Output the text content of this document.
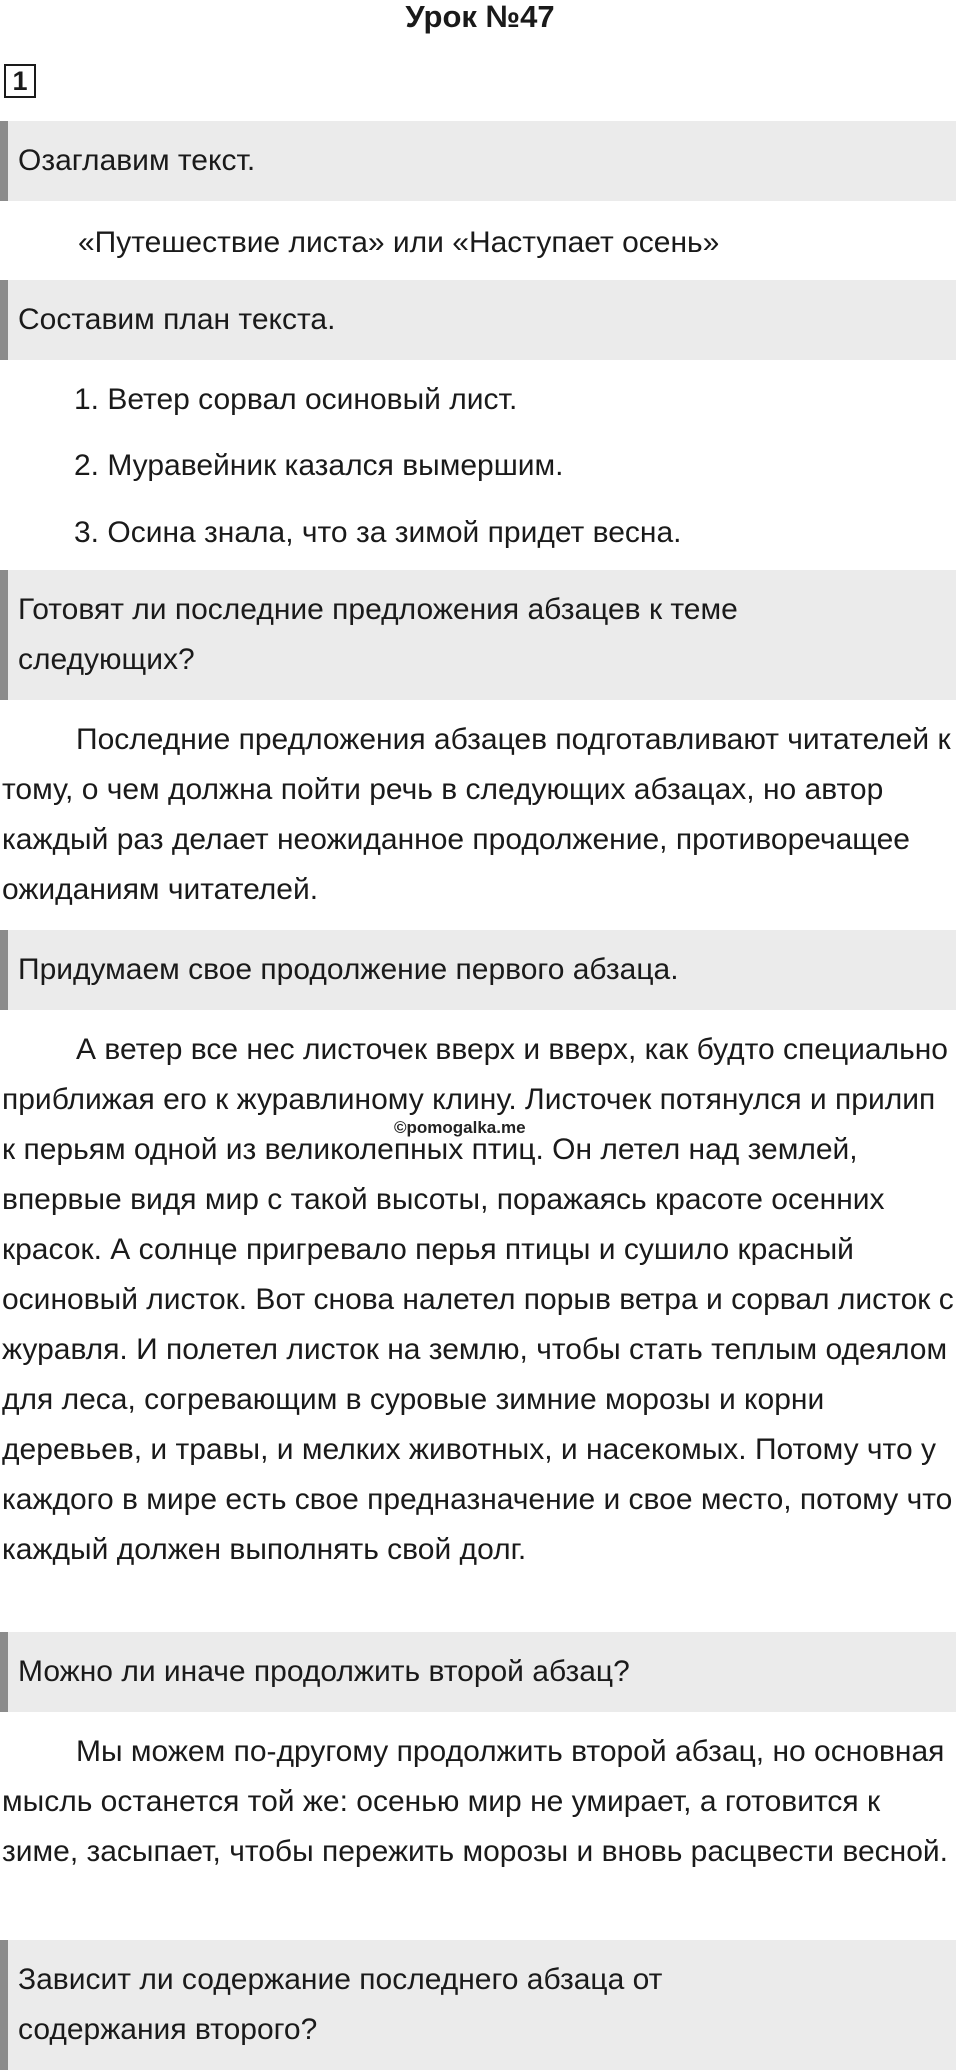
Урок №47
1
Озаглавим текст.
«Путешествие листа» или «Наступает осень»
Составим план текста.
1. Ветер сорвал осиновый лист.
2. Муравейник казался вымершим.
3. Осина знала, что за зимой придет весна.
Готовят ли последние предложения абзацев к теме следующих?

Последние предложения абзацев подготавливают читателей к тому, о чем должна пойти речь в следующих абзацах, но автор каждый раз делает неожиданное продолжение, противоречащее ожиданиям читателей.

Придумаем свое продолжение первого абзаца.

А ветер все нес листочек вверх и вверх, как будто специально приближая его к журавлиному клину. Листочек потянулся и прилип к перьям одной из великолепных птиц. Он летел над землей, впервые видя мир с такой высоты, поражаясь красоте осенних красок. А солнце пригревало перья птицы и сушило красный осиновый листок. Вот снова налетел порыв ветра и сорвал листок с журавля. И полетел листок на землю, чтобы стать теплым одеялом для леса, согревающим в суровые зимние морозы и корни деревьев, и травы, и мелких животных, и насекомых. Потому что у каждого в мире есть свое предназначение и свое место, потому что каждый должен выполнять свой долг.

©pomogalka.me
Можно ли иначе продолжить второй абзац?

Мы можем по-другому продолжить второй абзац, но основная мысль останется той же: осенью мир не умирает, а готовится к зиме, засыпает, чтобы пережить морозы и вновь расцвести весной.

Зависит ли содержание последнего абзаца от содержания второго?
